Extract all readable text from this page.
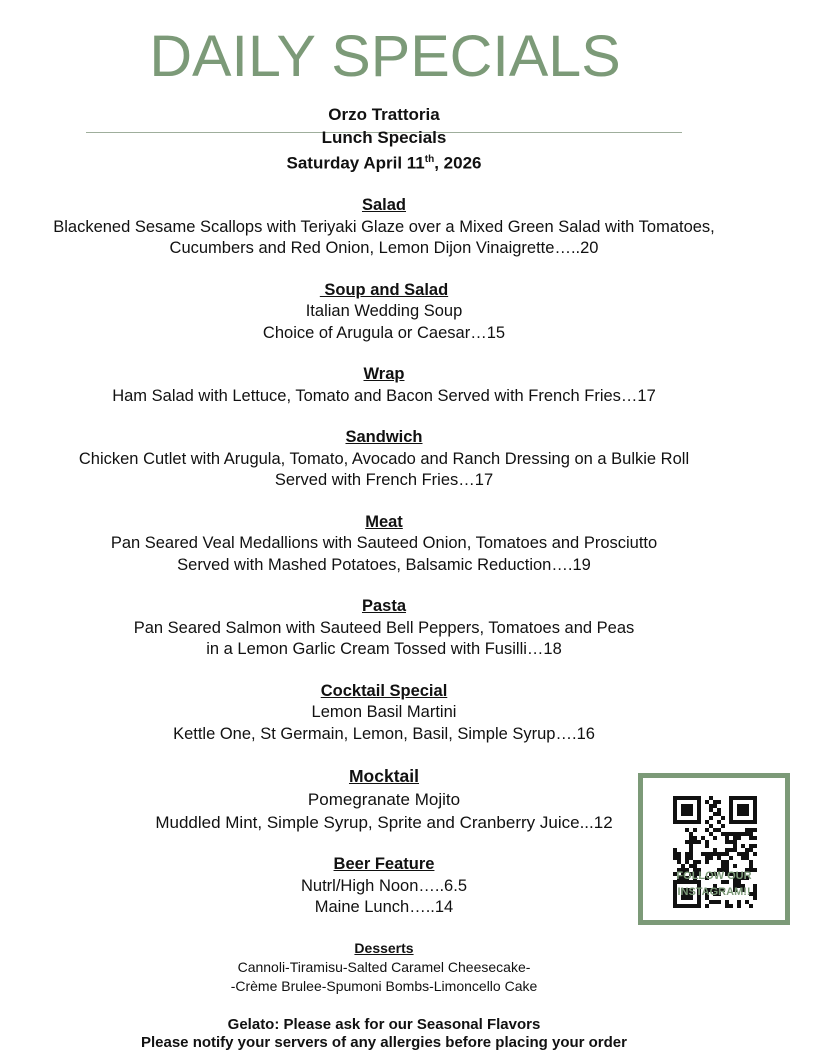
DAILY SPECIALS
Orzo Trattoria
Lunch Specials
Saturday April 11th, 2026
Salad
Blackened Sesame Scallops with Teriyaki Glaze over a Mixed Green Salad with Tomatoes,
Cucumbers and Red Onion, Lemon Dijon Vinaigrette…..20
Soup and Salad
Italian Wedding Soup
Choice of Arugula or Caesar…15
Wrap
Ham Salad with Lettuce, Tomato and Bacon Served with French Fries…17
Sandwich
Chicken Cutlet with Arugula, Tomato, Avocado and Ranch Dressing on a Bulkie Roll
Served with French Fries…17
Meat
Pan Seared Veal Medallions with Sauteed Onion, Tomatoes and Prosciutto
Served with Mashed Potatoes, Balsamic Reduction….19
Pasta
Pan Seared Salmon with Sauteed Bell Peppers, Tomatoes and Peas
in a Lemon Garlic Cream Tossed with Fusilli…18
Cocktail Special
Lemon Basil Martini
Kettle One, St Germain, Lemon, Basil, Simple Syrup….16
Mocktail
Pomegranate Mojito
Muddled Mint, Simple Syrup, Sprite and Cranberry Juice...12
Beer Feature
Nutrl/High Noon…..6.5
Maine Lunch…..14
Desserts
Cannoli-Tiramisu-Salted Caramel Cheesecake-
-Crème Brulee-Spumoni Bombs-Limoncello Cake
Gelato: Please ask for our Seasonal Flavors
Please notify your servers of any allergies before placing your order
FOLLOW OUR
INSTAGRAM!!
